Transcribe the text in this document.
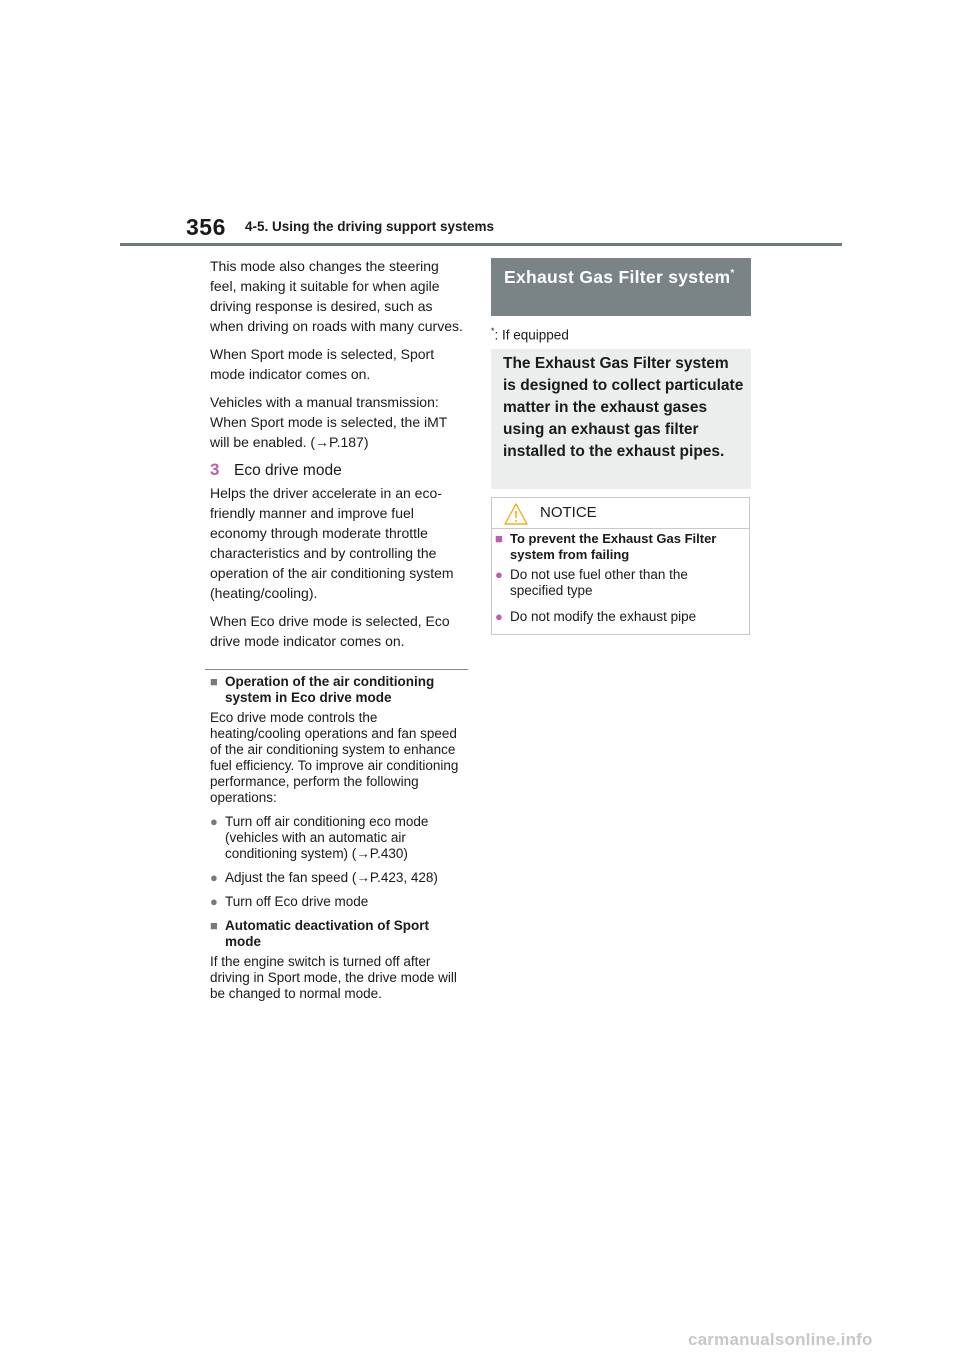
356 4-5. Using the driving support systems

This mode also changes the steering feel, making it suitable for when agile driving response is desired, such as when driving on roads with many curves.

When Sport mode is selected, Sport mode indicator comes on.

Vehicles with a manual transmission: When Sport mode is selected, the iMT will be enabled. (→P.187)

3 Eco drive mode

Helps the driver accelerate in an eco-friendly manner and improve fuel economy through moderate throttle characteristics and by controlling the operation of the air conditioning system (heating/cooling).

When Eco drive mode is selected, Eco drive mode indicator comes on.

■ Operation of the air conditioning system in Eco drive mode
Eco drive mode controls the heating/cooling operations and fan speed of the air conditioning system to enhance fuel efficiency. To improve air conditioning performance, perform the following operations:
● Turn off air conditioning eco mode (vehicles with an automatic air conditioning system) (→P.430)
● Adjust the fan speed (→P.423, 428)
● Turn off Eco drive mode
■ Automatic deactivation of Sport mode
If the engine switch is turned off after driving in Sport mode, the drive mode will be changed to normal mode.
Exhaust Gas Filter system*
*: If equipped
The Exhaust Gas Filter system is designed to collect particulate matter in the exhaust gases using an exhaust gas filter installed to the exhaust pipes.
NOTICE
■ To prevent the Exhaust Gas Filter system from failing
● Do not use fuel other than the specified type
● Do not modify the exhaust pipe
carmanualsonline.info
